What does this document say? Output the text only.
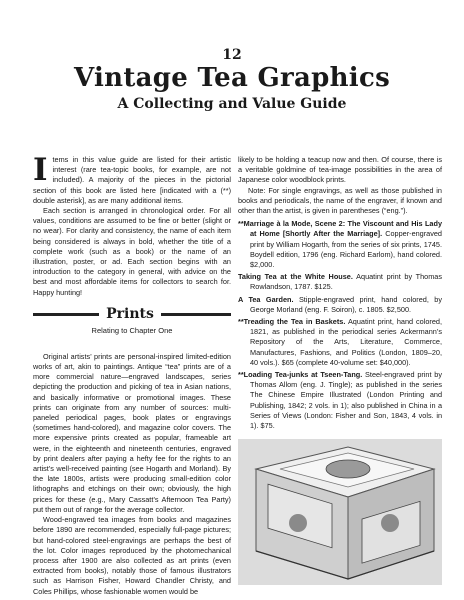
12
Vintage Tea Graphics
A Collecting and Value Guide

I tems in this value guide are listed for their artistic interest (rare tea-topic books, for example, are not included). A majority of the pieces in the pictorial section of this book are listed here [indicated with a (**) double asterisk], as are many additional items.

Each section is arranged in chronological order. For all values, conditions are assumed to be fine or better (slight or no wear). For clarity and consistency, the name of each item being considered is always in bold, whether the title of a complete work (such as a book) or the name of an illustration, poster, or ad. Each section begins with an introduction to the category in general, with advice on the best and most affordable items for collectors to search for. Happy hunting!

Prints
Relating to Chapter One

Original artists’ prints are personal-inspired limited-edition works of art, akin to paintings. Antique “tea” prints are of a more commercial nature—engraved landscapes, series depicting the production and picking of tea in Asian nations, and basically informative or promotional images. These prints can originate from any number of sources: multi-paneled periodical pages, book plates or engravings (sometimes hand-colored), and magazine color covers. The more expensive prints created as popular, frameable art were, in the eighteenth and nineteenth centuries, engraved by print dealers after paying a hefty fee for the rights to an artist’s well-received painting (see Hogarth and Morland). By the late 1800s, artists were producing small-edition color lithographs and etchings on their own; obviously, the high prices for these (e.g., Mary Cassatt’s Afternoon Tea Party) put them out of range for the average collector.

Wood-engraved tea images from books and magazines before 1890 are recommended, especially full-page pictures; but hand-colored steel-engravings are perhaps the best of the lot. Color images reproduced by the photomechanical process after 1900 are also collected as art prints (even extracted from books), notably those of famous illustrators such as Harrison Fisher, Howard Chandler Christy, and Coles Phillips, whose fashionable women would be

likely to be holding a teacup now and then. Of course, there is a veritable goldmine of tea-image possibilities in the area of Japanese color woodblock prints.

Note: For single engravings, as well as those published in books and periodicals, the name of the engraver, if known and other than the artist, is given in parentheses (“eng.”).

**Marriage à la Mode, Scene 2: The Viscount and His Lady at Home [Shortly After the Marriage]. Copper-engraved print by William Hogarth, from the series of six prints, 1745. Boydell edition, 1796 (eng. Richard Earlom), hand colored. $2,000.

Taking Tea at the White House. Aquatint print by Thomas Rowlandson, 1787. $125.

A Tea Garden. Stipple-engraved print, hand colored, by George Morland (eng. F. Soiron), c. 1805. $2,500.

**Treading the Tea in Baskets. Aquatint print, hand colored, 1821, as published in the periodical series Ackermann’s Repository of the Arts, Literature, Commerce, Manufactures, Fashions, and Politics (London, 1809–20, 40 vols.). $65 (complete 40-volume set: $40,000).

**Loading Tea-junks at Tseen-Tang. Steel-engraved print by Thomas Allom (eng. J. Tingle); as published in the series The Chinese Empire Illustrated (London Printing and Publishing, 1842; 2 vols. in 1); also published in China in a Series of Views (London: Fisher and Son, 1843, 4 vols. in 1). $75.
